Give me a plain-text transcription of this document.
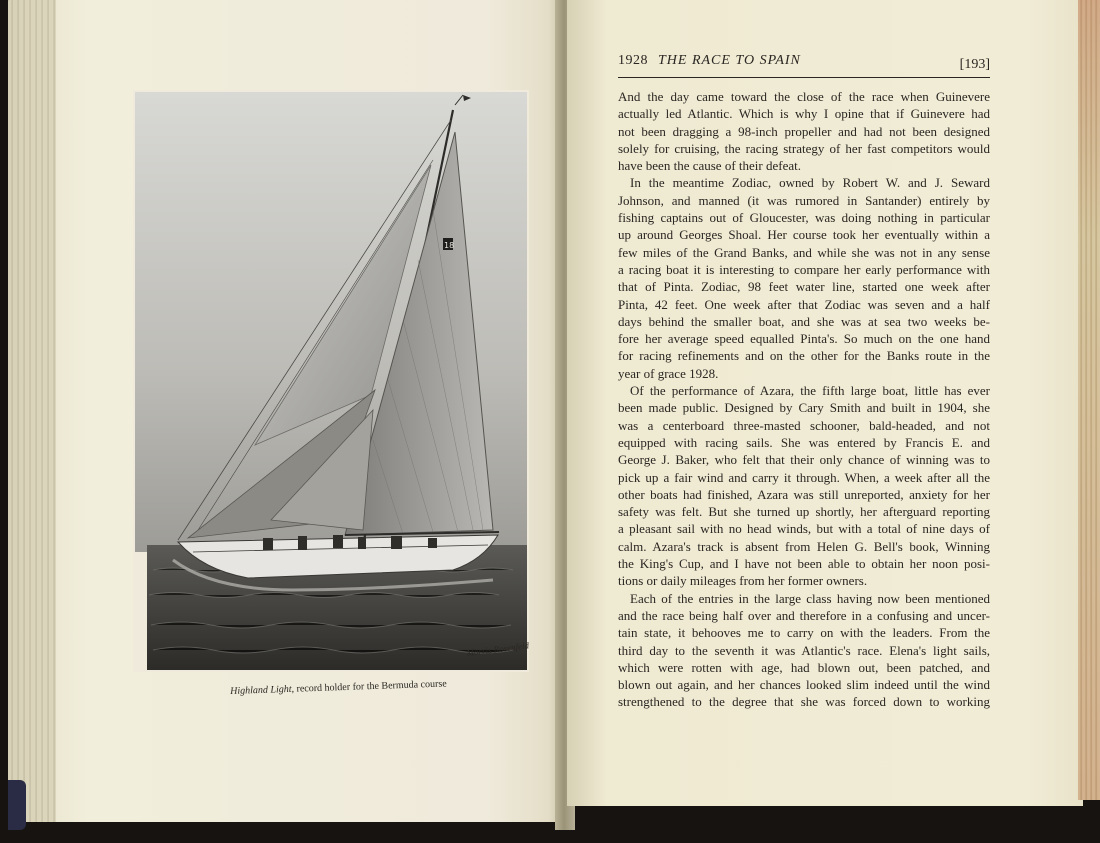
18
Morris Rosenfeld
Highland Light, record holder for the Bermuda course
1928 THE RACE TO SPAIN	[193]
And the day came toward the close of the race when Guinevere
actually led Atlantic. Which is why I opine that if Guinevere had
not been dragging a 98-inch propeller and had not been designed
solely for cruising, the racing strategy of her fast competitors would
have been the cause of their defeat.
In the meantime Zodiac, owned by Robert W. and J. Seward
Johnson, and manned (it was rumored in Santander) entirely by
fishing captains out of Gloucester, was doing nothing in particular
up around Georges Shoal. Her course took her eventually within a
few miles of the Grand Banks, and while she was not in any sense
a racing boat it is interesting to compare her early performance with
that of Pinta. Zodiac, 98 feet water line, started one week after
Pinta, 42 feet. One week after that Zodiac was seven and a half
days behind the smaller boat, and she was at sea two weeks be-
fore her average speed equalled Pinta's. So much on the one hand
for racing refinements and on the other for the Banks route in the
year of grace 1928.
Of the performance of Azara, the fifth large boat, little has ever
been made public. Designed by Cary Smith and built in 1904, she
was a centerboard three-masted schooner, bald-headed, and not
equipped with racing sails. She was entered by Francis E. and
George J. Baker, who felt that their only chance of winning was to
pick up a fair wind and carry it through. When, a week after all the
other boats had finished, Azara was still unreported, anxiety for her
safety was felt. But she turned up shortly, her afterguard reporting
a pleasant sail with no head winds, but with a total of nine days of
calm. Azara's track is absent from Helen G. Bell's book, Winning
the King's Cup, and I have not been able to obtain her noon posi-
tions or daily mileages from her former owners.
Each of the entries in the large class having now been mentioned
and the race being half over and therefore in a confusing and uncer-
tain state, it behooves me to carry on with the leaders. From the
third day to the seventh it was Atlantic's race. Elena's light sails,
which were rotten with age, had blown out, been patched, and
blown out again, and her chances looked slim indeed until the wind
strengthened to the degree that she was forced down to working
